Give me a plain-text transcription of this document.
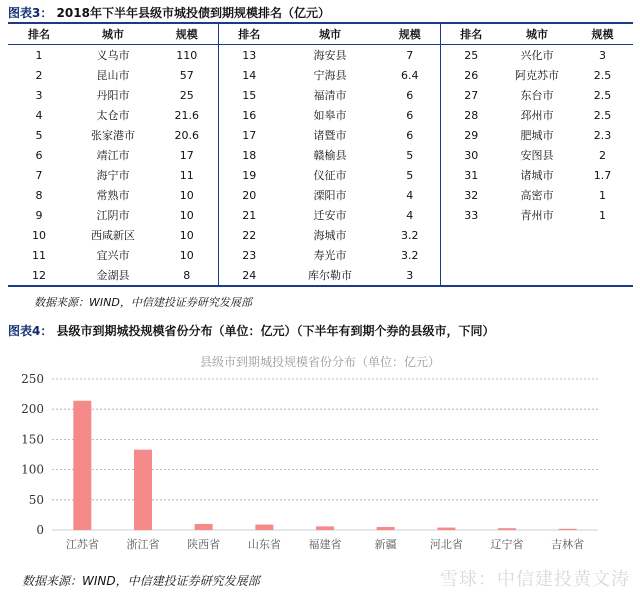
图表3： 2018年下半年县级市城投债到期规模排名（亿元）
排名	城市	规模	排名	城市	规模	排名	城市	规模
1	义乌市	110	13	海安县	7	25	兴化市	3
2	昆山市	57	14	宁海县	6.4	26	阿克苏市	2.5
3	丹阳市	25	15	福清市	6	27	东台市	2.5
4	太仓市	21.6	16	如皋市	6	28	邳州市	2.5
5	张家港市	20.6	17	诸暨市	6	29	肥城市	2.3
6	靖江市	17	18	赣榆县	5	30	安图县	2
7	海宁市	11	19	仪征市	5	31	诸城市	1.7
8	常熟市	10	20	溧阳市	4	32	高密市	1
9	江阴市	10	21	迁安市	4	33	青州市	1
10	西咸新区	10	22	海城市	3.2			
11	宜兴市	10	23	寿光市	3.2			
12	金湖县	8	24	库尔勒市	3			
数据来源：WIND，中信建投证券研究发展部
图表4： 县级市到期城投规模省份分布（单位：亿元）（下半年有到期个券的县级市，下同）
县级市到期城投规模省份分布（单位：亿元）
0
50
100
150
200
250
江苏省	浙江省	陕西省	山东省	福建省	新疆	河北省	辽宁省	吉林省
数据来源：WIND，中信建投证券研究发展部	雪球：中信建投黄文涛
